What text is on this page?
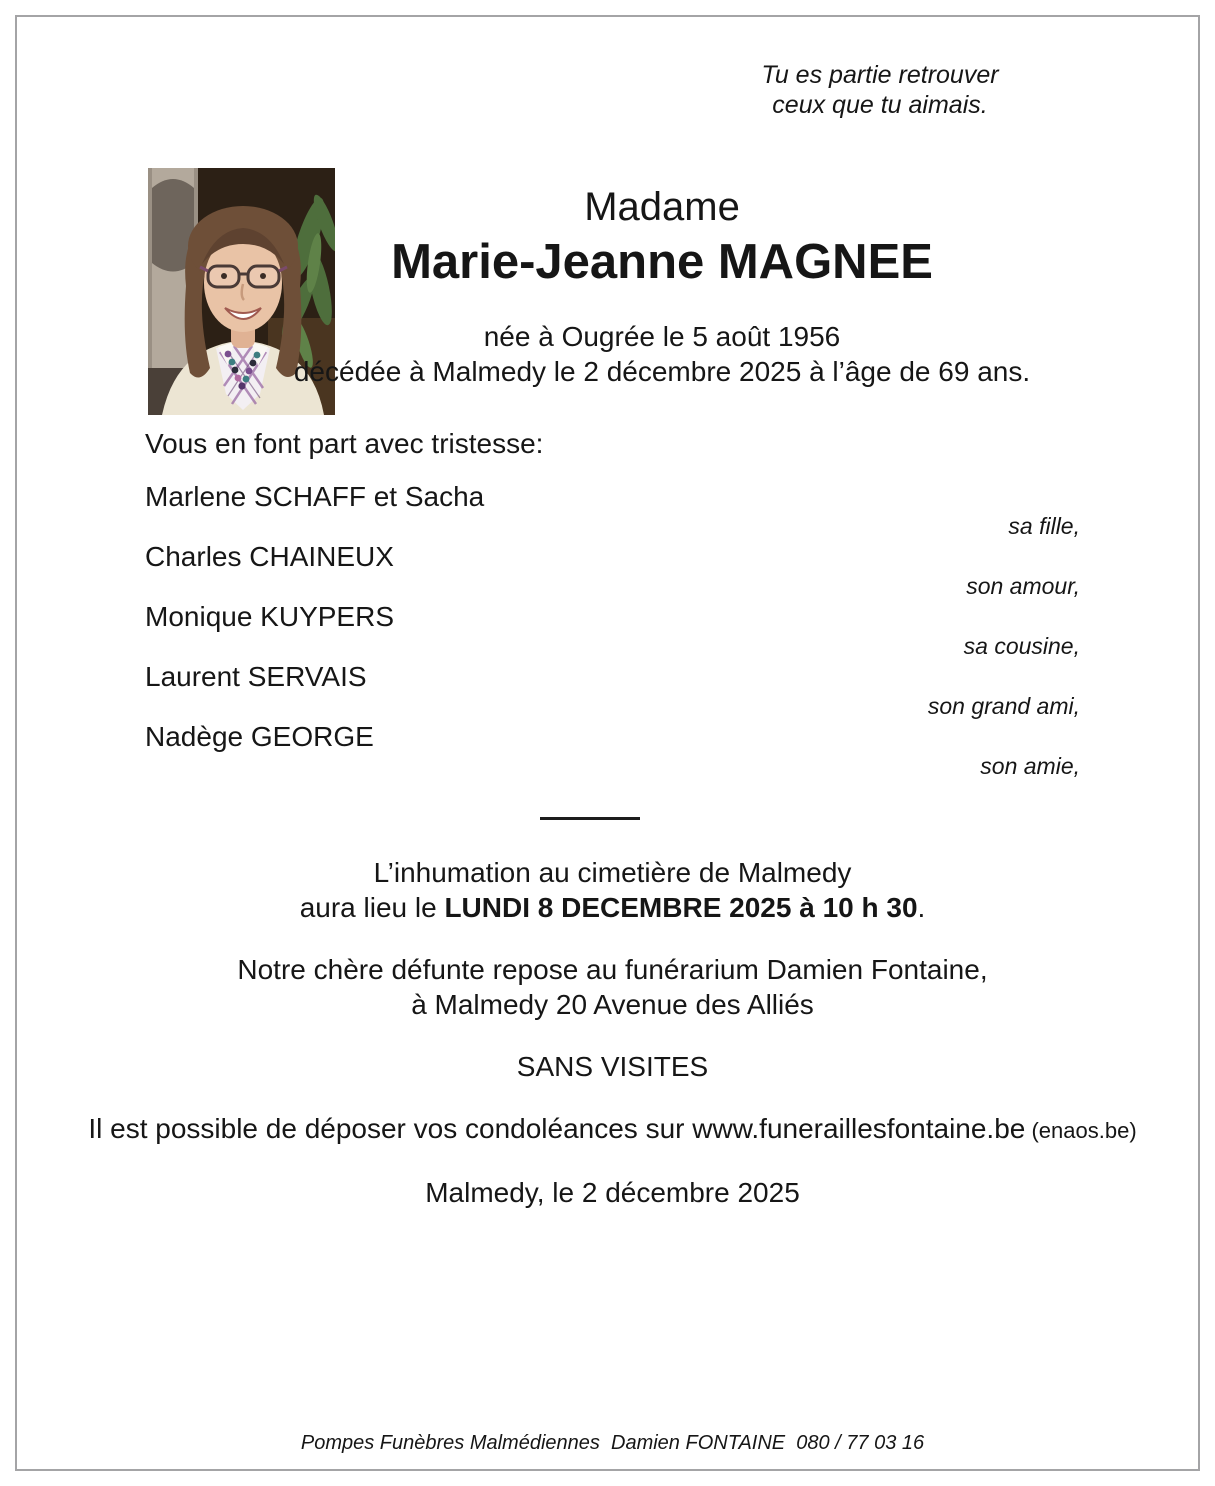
Tu es partie retrouver
ceux que tu aimais.
Madame
Marie-Jeanne MAGNEE
née à Ougrée le 5 août 1956
décédée à Malmedy le 2 décembre 2025 à l’âge de 69 ans.
Vous en font part avec tristesse:
Marlene SCHAFF et Sacha
sa fille,
Charles CHAINEUX
son amour,
Monique KUYPERS
sa cousine,
Laurent SERVAIS
son grand ami,
Nadège GEORGE
son amie,

L’inhumation au cimetière de Malmedy
aura lieu le LUNDI 8 DECEMBRE 2025 à 10 h 30.

Notre chère défunte repose au funérarium Damien Fontaine,
à Malmedy 20 Avenue des Alliés

SANS VISITES

Il est possible de déposer vos condoléances sur www.funeraillesfontaine.be (enaos.be)

Malmedy, le 2 décembre 2025

Pompes Funèbres Malmédiennes  Damien FONTAINE  080 / 77 03 16
